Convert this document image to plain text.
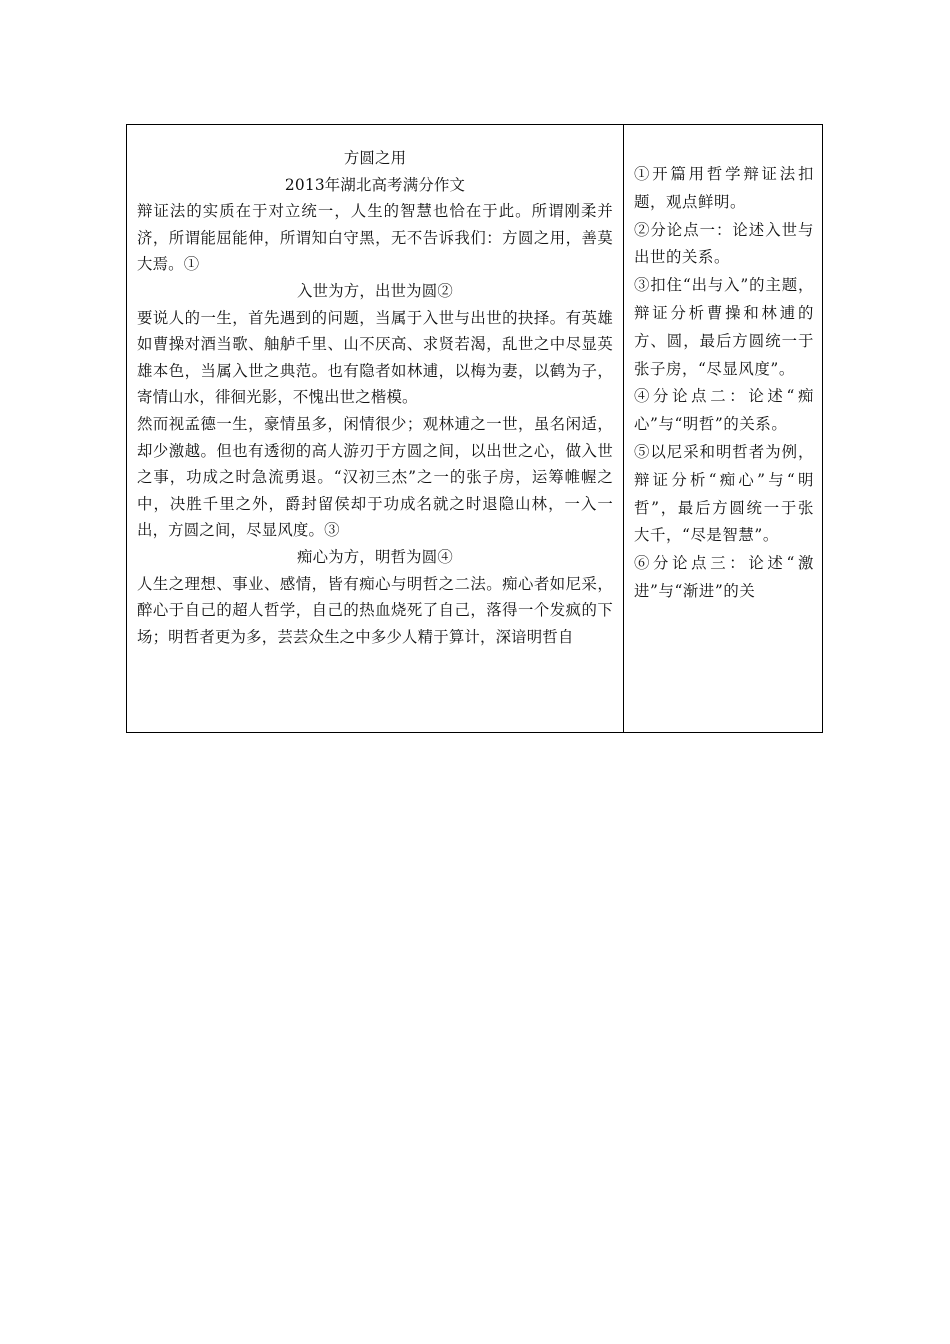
方圆之用

2013年湖北高考满分作文

辩证法的实质在于对立统一，人生的智慧也恰在于此。所谓刚柔并济，所谓能屈能伸，所谓知白守黑，无不告诉我们：方圆之用，善莫大焉。①

入世为方，出世为圆②

要说人的一生，首先遇到的问题，当属于入世与出世的抉择。有英雄如曹操对酒当歌、舳舻千里、山不厌高、求贤若渴，乱世之中尽显英雄本色，当属入世之典范。也有隐者如林逋，以梅为妻，以鹤为子，寄情山水，徘徊光影，不愧出世之楷模。

然而视孟德一生，豪情虽多，闲情很少；观林逋之一世，虽名闲适，却少激越。但也有透彻的高人游刃于方圆之间，以出世之心，做入世之事，功成之时急流勇退。“汉初三杰”之一的张子房，运筹帷幄之中，决胜千里之外，爵封留侯却于功成名就之时退隐山林，一入一出，方圆之间，尽显风度。③

痴心为方，明哲为圆④

人生之理想、事业、感情，皆有痴心与明哲之二法。痴心者如尼采，醉心于自己的超人哲学，自己的热血烧死了自己，落得一个发疯的下场；明哲者更为多，芸芸众生之中多少人精于算计，深谙明哲自

①开篇用哲学辩证法扣题，观点鲜明。

②分论点一：论述入世与出世的关系。

③扣住“出与入”的主题，辩证分析曹操和林逋的方、圆，最后方圆统一于张子房，“尽显风度”。

④分论点二：论述“痴心”与“明哲”的关系。

⑤以尼采和明哲者为例，辩证分析“痴心”与“明哲”，最后方圆统一于张大千，“尽是智慧”。

⑥分论点三：论述“激进”与“渐进”的关
